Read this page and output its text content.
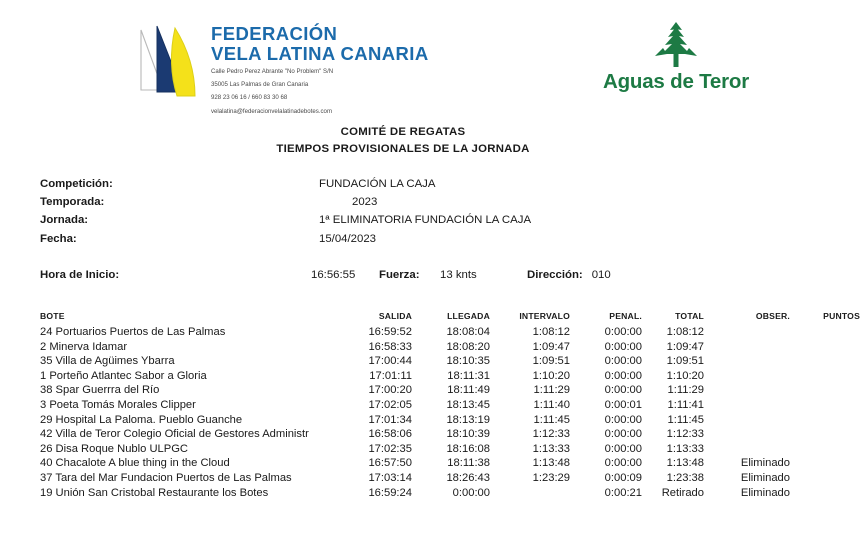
FEDERACIÓN
VELA LATINA CANARIA
Calle Pedro Perez Abrante "No Problem" S/N
35005 Las Palmas de Gran Canaria
928 23 06 16 / 660 83 30 68
velalatina@federacionvelalatinadebotes.com
Aguas de Teror
COMITÉ DE REGATAS
TIEMPOS PROVISIONALES DE LA JORNADA
Competición:	FUNDACIÓN LA CAJA
Temporada:	2023
Jornada:	1ª ELIMINATORIA FUNDACIÓN LA CAJA
Fecha:	15/04/2023
Hora de Inicio:	16:56:55	Fuerza:	13 knts	Dirección: 010
BOTE	SALIDA	LLEGADA	INTERVALO	PENAL.	TOTAL	OBSER.	PUNTOS
24 Portuarios Puertos de Las Palmas	16:59:52	18:08:04	1:08:12	0:00:00	1:08:12		
2 Minerva Idamar	16:58:33	18:08:20	1:09:47	0:00:00	1:09:47		
35 Villa de Agüimes Ybarra	17:00:44	18:10:35	1:09:51	0:00:00	1:09:51		
1 Porteño Atlantec Sabor a Gloria	17:01:11	18:11:31	1:10:20	0:00:00	1:10:20		
38 Spar Guerrra del Río	17:00:20	18:11:49	1:11:29	0:00:00	1:11:29		
3 Poeta Tomás Morales Clipper	17:02:05	18:13:45	1:11:40	0:00:01	1:11:41		
29 Hospital La Paloma. Pueblo Guanche	17:01:34	18:13:19	1:11:45	0:00:00	1:11:45		
42 Villa de Teror Colegio Oficial de Gestores Administr	16:58:06	18:10:39	1:12:33	0:00:00	1:12:33		
26 Disa Roque Nublo ULPGC	17:02:35	18:16:08	1:13:33	0:00:00	1:13:33		
40 Chacalote A blue thing in the Cloud	16:57:50	18:11:38	1:13:48	0:00:00	1:13:48	Eliminado	
37 Tara del Mar Fundacion Puertos de Las Palmas	17:03:14	18:26:43	1:23:29	0:00:09	1:23:38	Eliminado	
19 Unión San Cristobal Restaurante los Botes	16:59:24	0:00:00		0:00:21	Retirado	Eliminado	
